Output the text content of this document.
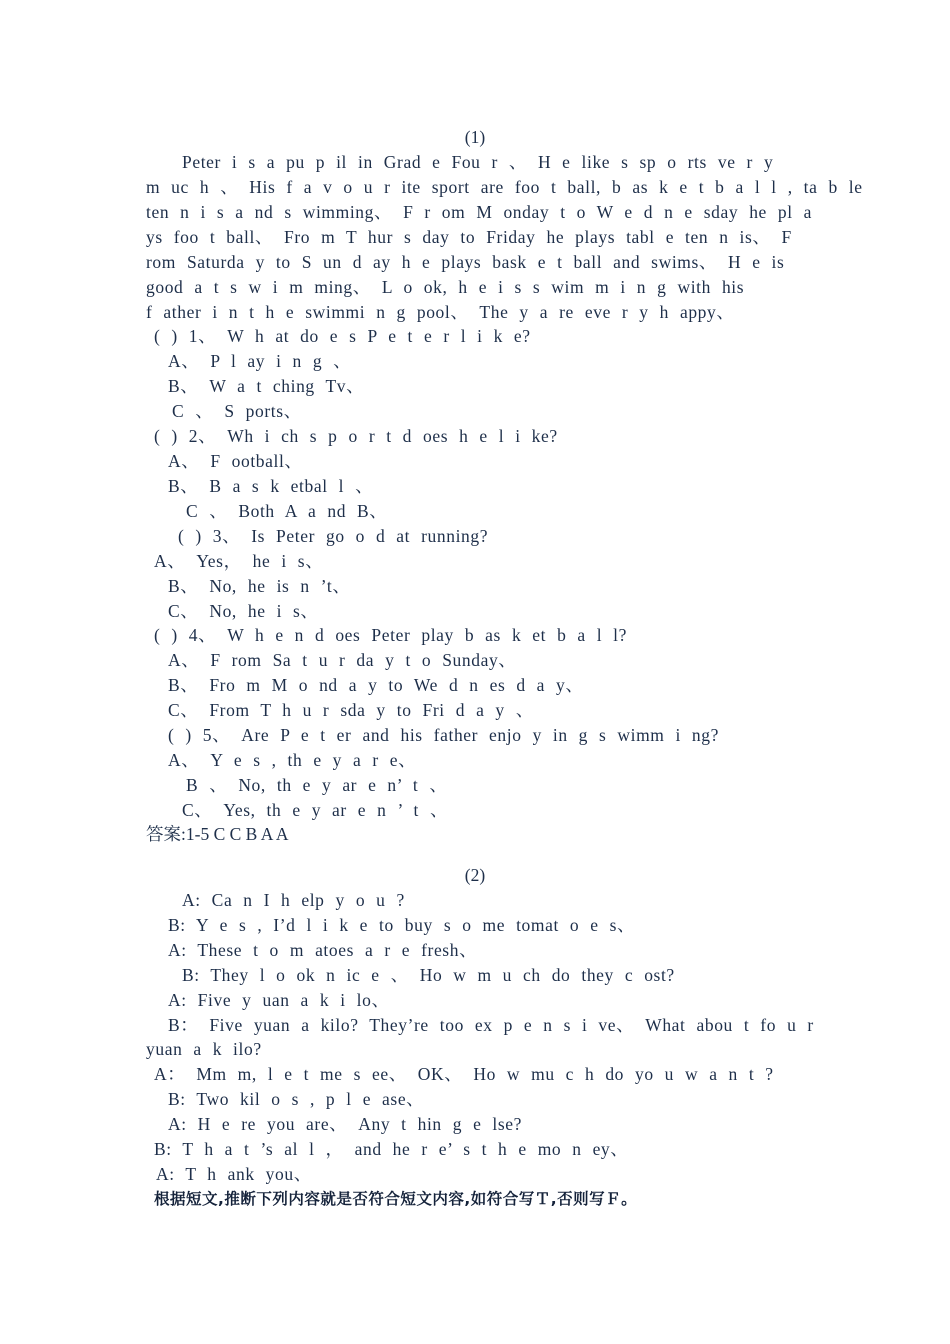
(1)
Peter i s a pu p il in Grad e Fou r 、 H e like s sp o rts ve r y
m uc h 、 His f a v o u r ite sport are foo t ball, b as k e t b a l l , ta b le
ten n i s a nd s wimming、 F r om M onday t o W e d n e sday he pl a
ys foo t ball、 Fro m T hur s day to Friday he plays tabl e ten n is、 F
rom Saturda y to S un d ay h e plays bask e t ball and swims、 H e is
good a t s w i m ming、 L o ok, h e i s s wim m i n g with his
f ather i n t h e swimmi n g pool、 The y a re eve r y h appy、
( ) 1、 W h at do e s P e t e r l i k e?
A、 P l ay i n g 、
B、 W a t ching Tv、
C 、 S ports、
( ) 2、 Wh i ch s p o r t d oes h e l i ke?
A、 F ootball、
B、 B a s k etbal l 、
C 、 Both A a nd B、
( ) 3、 Is Peter go o d at running?
A、 Yes， he i s、
B、 No, he is n ’t、
C、 No, he i s、
( ) 4、 W h e n d oes Peter play b as k et b a l l?
A、 F rom Sa t u r da y t o Sunday、
B、 Fro m M o nd a y to We d n es d a y、
C、 From T h u r sda y to Fri d a y 、
( ) 5、 Are P e t er and his father enjo y in g s wimm i ng?
A、 Y e s , th e y a r e、
B 、 No, th e y ar e n’ t 、
C、 Yes, th e y ar e n ’ t 、
答案:1-5 C C B A A
(2)
A: Ca n I h elp y o u ?
B: Y e s , I’d l i k e to buy s o me tomat o e s、
A: These t o m atoes a r e fresh、
B: They l o ok n ic e 、 Ho w m u ch do they c ost?
A: Five y uan a k i lo、
B： Five yuan a kilo? They’re too ex p e n s i ve、 What abou t fo u r
yuan a k ilo?
A： Mm m, l e t me s ee、 OK、 Ho w mu c h do yo u w a n t ?
B: Two kil o s , p l e ase、
A: H e re you are、 Any t hin g e lse?
B: T h a t ’s al l ， and he r e’ s t h e mo n ey、
A: T h ank you、
根据短文,推断下列内容就是否符合短文内容,如符合写Ｔ,否则写Ｆ。
